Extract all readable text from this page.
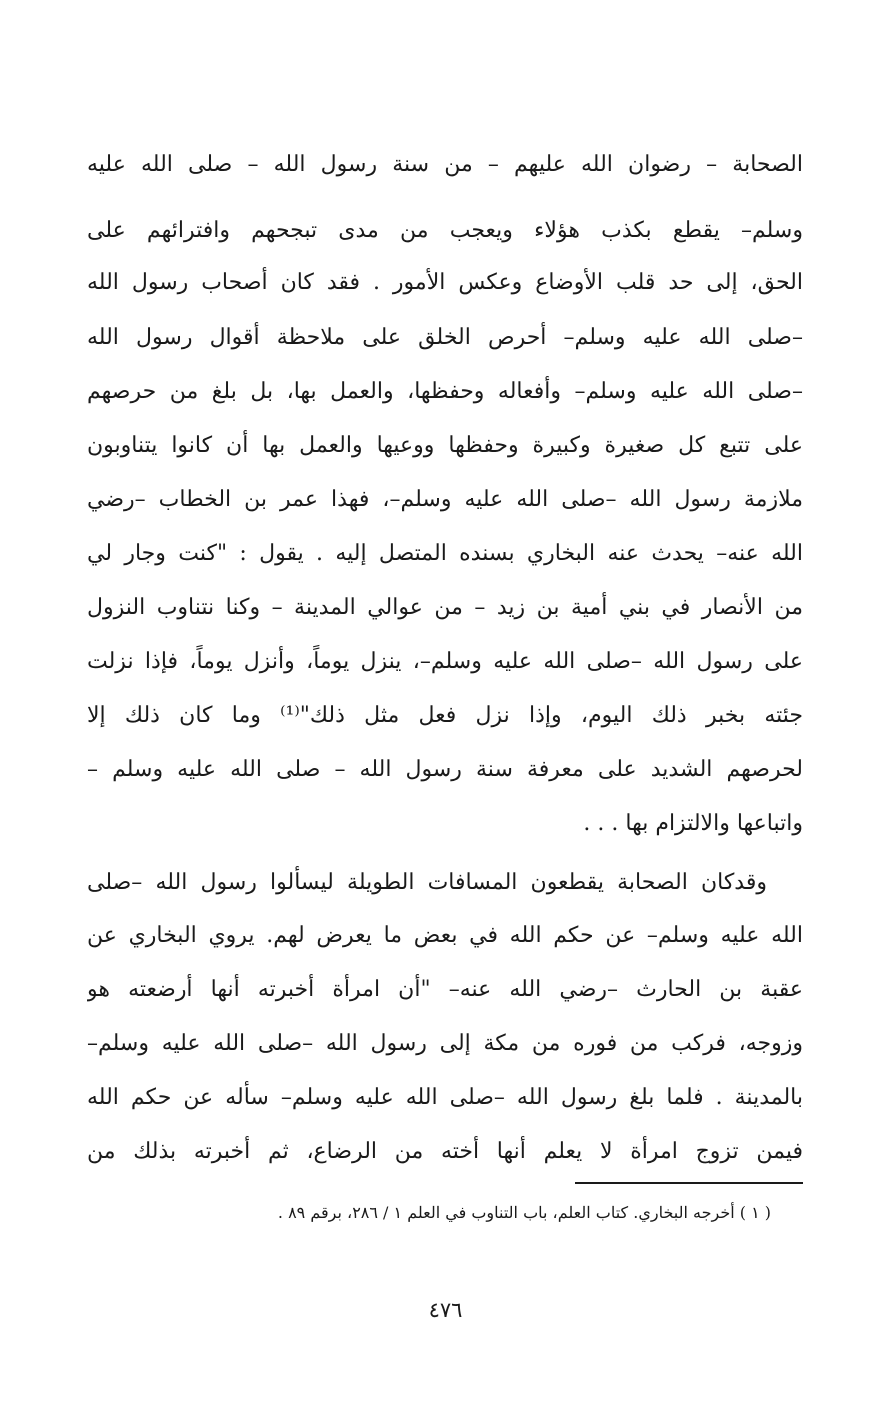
الصحابة – رضوان الله عليهم – من سنة رسول الله – صلى الله عليه
وسلم– يقطع بكذب هؤلاء ويعجب من مدى تبجحهم وافترائهم على
الحق، إلى حد قلب الأوضاع وعكس الأمور . فقد كان أصحاب رسول الله
–صلى الله عليه وسلم– أحرص الخلق على ملاحظة أقوال رسول الله
–صلى الله عليه وسلم– وأفعاله وحفظها، والعمل بها، بل بلغ من حرصهم
على تتبع كل صغيرة وكبيرة وحفظها ووعيها والعمل بها أن كانوا يتناوبون
ملازمة رسول الله –صلى الله عليه وسلم–، فهذا عمر بن الخطاب –رضي
الله عنه– يحدث عنه البخاري بسنده المتصل إليه . يقول : "كنت وجار لي
من الأنصار في بني أمية بن زيد – من عوالي المدينة – وكنا نتناوب النزول
على رسول الله –صلى الله عليه وسلم–، ينزل يوماً، وأنزل يوماً، فإذا نزلت
جئته بخبر ذلك اليوم، وإذا نزل فعل مثل ذلك"⁽¹⁾ وما كان ذلك إلا
لحرصهم الشديد على معرفة سنة رسول الله – صلى الله عليه وسلم –
واتباعها والالتزام بها . . .
وقدكان الصحابة يقطعون المسافات الطويلة ليسألوا رسول الله –صلى
الله عليه وسلم– عن حكم الله في بعض ما يعرض لهم. يروي البخاري عن
عقبة بن الحارث –رضي الله عنه– "أن امرأة أخبرته أنها أرضعته هو
وزوجه، فركب من فوره من مكة إلى رسول الله –صلى الله عليه وسلم–
بالمدينة . فلما بلغ رسول الله –صلى الله عليه وسلم– سأله عن حكم الله
فيمن تزوج امرأة لا يعلم أنها أخته من الرضاع، ثم أخبرته بذلك من
( ١ ) أخرجه البخاري. كتاب العلم، باب التناوب في العلم ١ / ٢٨٦، برقم ٨٩ .
٤٧٦
